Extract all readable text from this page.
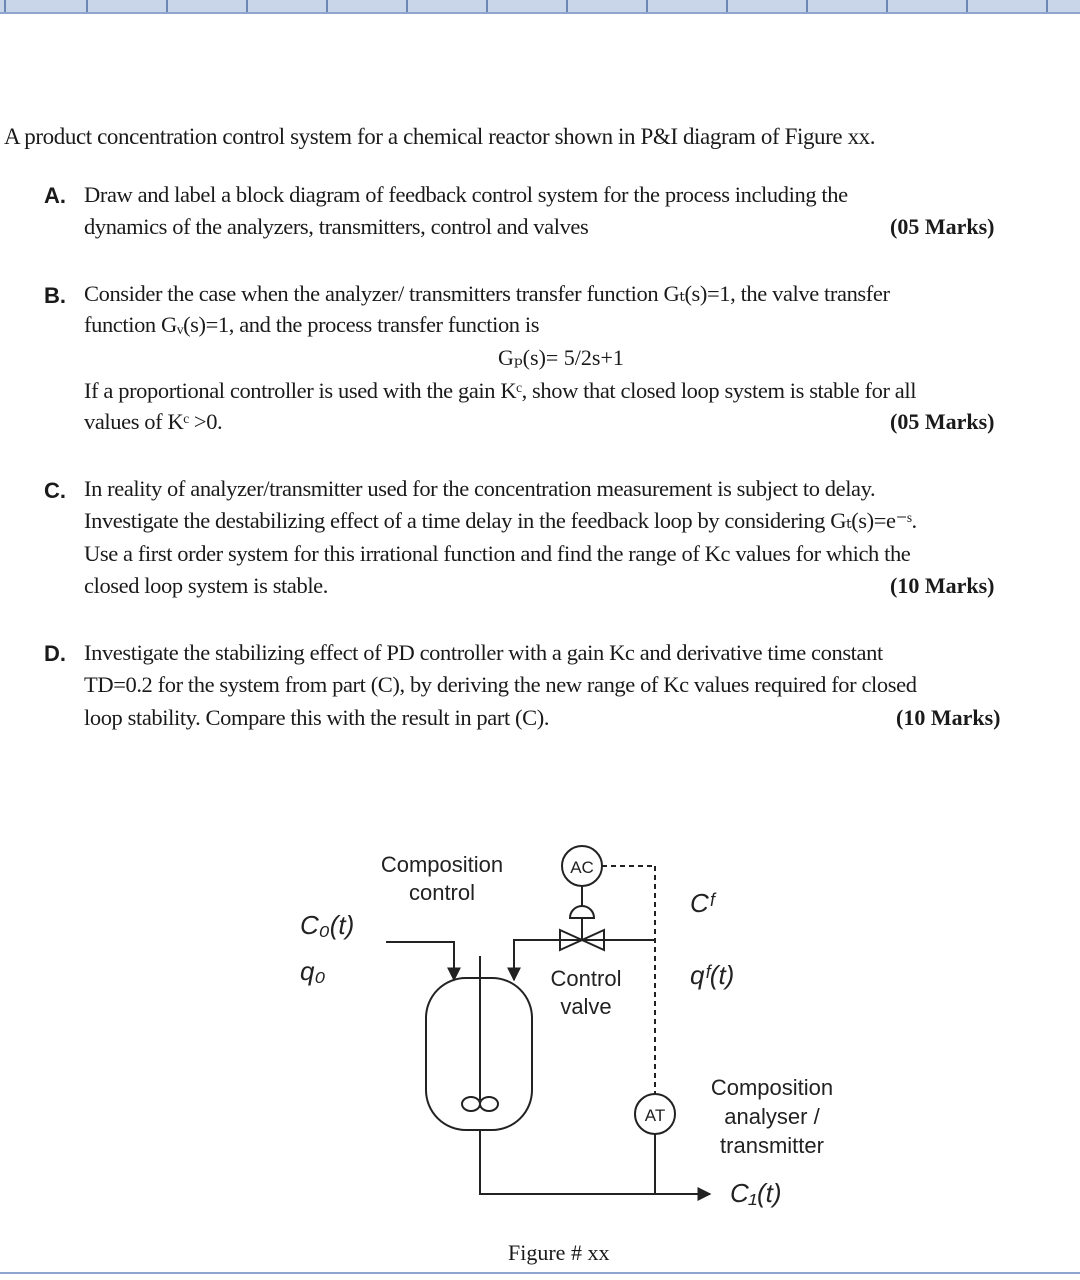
A product concentration control system for a chemical reactor shown in P&I diagram of Figure xx.
A. Draw and label a block diagram of feedback control system for the process including the
dynamics of the analyzers, transmitters, control and valves	(05 Marks)
B. Consider the case when the analyzer/ transmitters transfer function Gₜ(s)=1, the valve transfer
function Gᵥ(s)=1, and the process transfer function is
Gₚ(s)= 5/2s+1
If a proportional controller is used with the gain Kᶜ, show that closed loop system is stable for all
values of Kᶜ >0.	(05 Marks)
C. In reality of analyzer/transmitter used for the concentration measurement is subject to delay.
Investigate the destabilizing effect of a time delay in the feedback loop by considering Gₜ(s)=e⁻ˢ.
Use a first order system for this irrational function and find the range of Kc values for which the
closed loop system is stable.	(10 Marks)
D. Investigate the stabilizing effect of PD controller with a gain Kc and derivative time constant
TD=0.2 for the system from part (C), by deriving the new range of Kc values required for closed
loop stability. Compare this with the result in part (C).	(10 Marks)
Composition
control
AC
AT
C₀(t)
q₀
Cᶠ
qᶠ(t)
Control
valve
Composition
analyser /
transmitter
C₁(t)
Figure # xx
